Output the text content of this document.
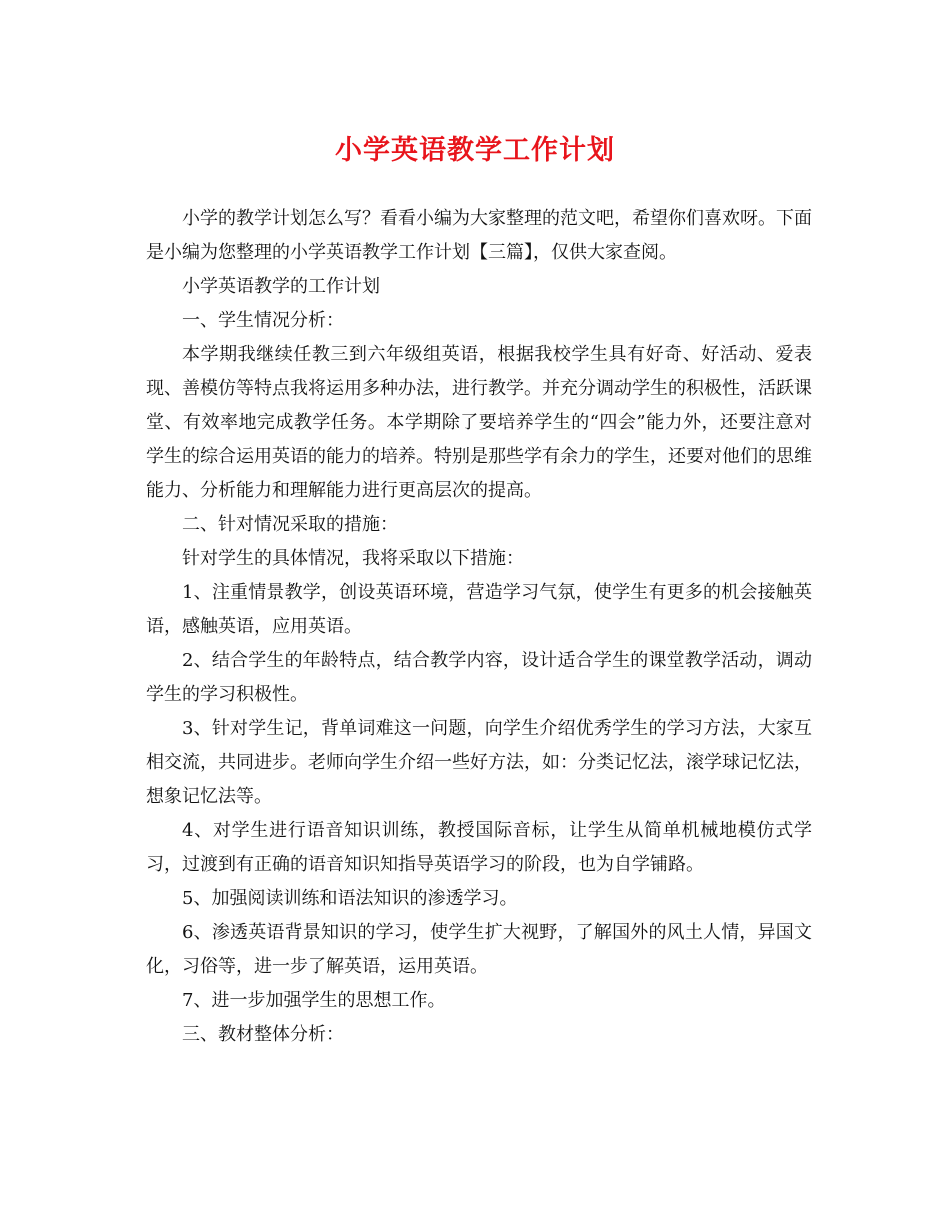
小学英语教学工作计划

小学的教学计划怎么写？看看小编为大家整理的范文吧，希望你们喜欢呀。下面是小编为您整理的小学英语教学工作计划【三篇】，仅供大家查阅。

小学英语教学的工作计划

一、学生情况分析：

本学期我继续任教三到六年级组英语，根据我校学生具有好奇、好活动、爱表现、善模仿等特点我将运用多种办法，进行教学。并充分调动学生的积极性，活跃课堂、有效率地完成教学任务。本学期除了要培养学生的“四会”能力外，还要注意对学生的综合运用英语的能力的培养。特别是那些学有余力的学生，还要对他们的思维能力、分析能力和理解能力进行更高层次的提高。

二、针对情况采取的措施：

针对学生的具体情况，我将采取以下措施：

1、注重情景教学，创设英语环境，营造学习气氛，使学生有更多的机会接触英语，感触英语，应用英语。

2、结合学生的年龄特点，结合教学内容，设计适合学生的课堂教学活动，调动学生的学习积极性。

3、针对学生记，背单词难这一问题，向学生介绍优秀学生的学习方法，大家互相交流，共同进步。老师向学生介绍一些好方法，如：分类记忆法，滚学球记忆法，想象记忆法等。

4、对学生进行语音知识训练，教授国际音标，让学生从简单机械地模仿式学习，过渡到有正确的语音知识知指导英语学习的阶段，也为自学铺路。

5、加强阅读训练和语法知识的渗透学习。

6、渗透英语背景知识的学习，使学生扩大视野，了解国外的风土人情，异国文化，习俗等，进一步了解英语，运用英语。

7、进一步加强学生的思想工作。

三、教材整体分析：
